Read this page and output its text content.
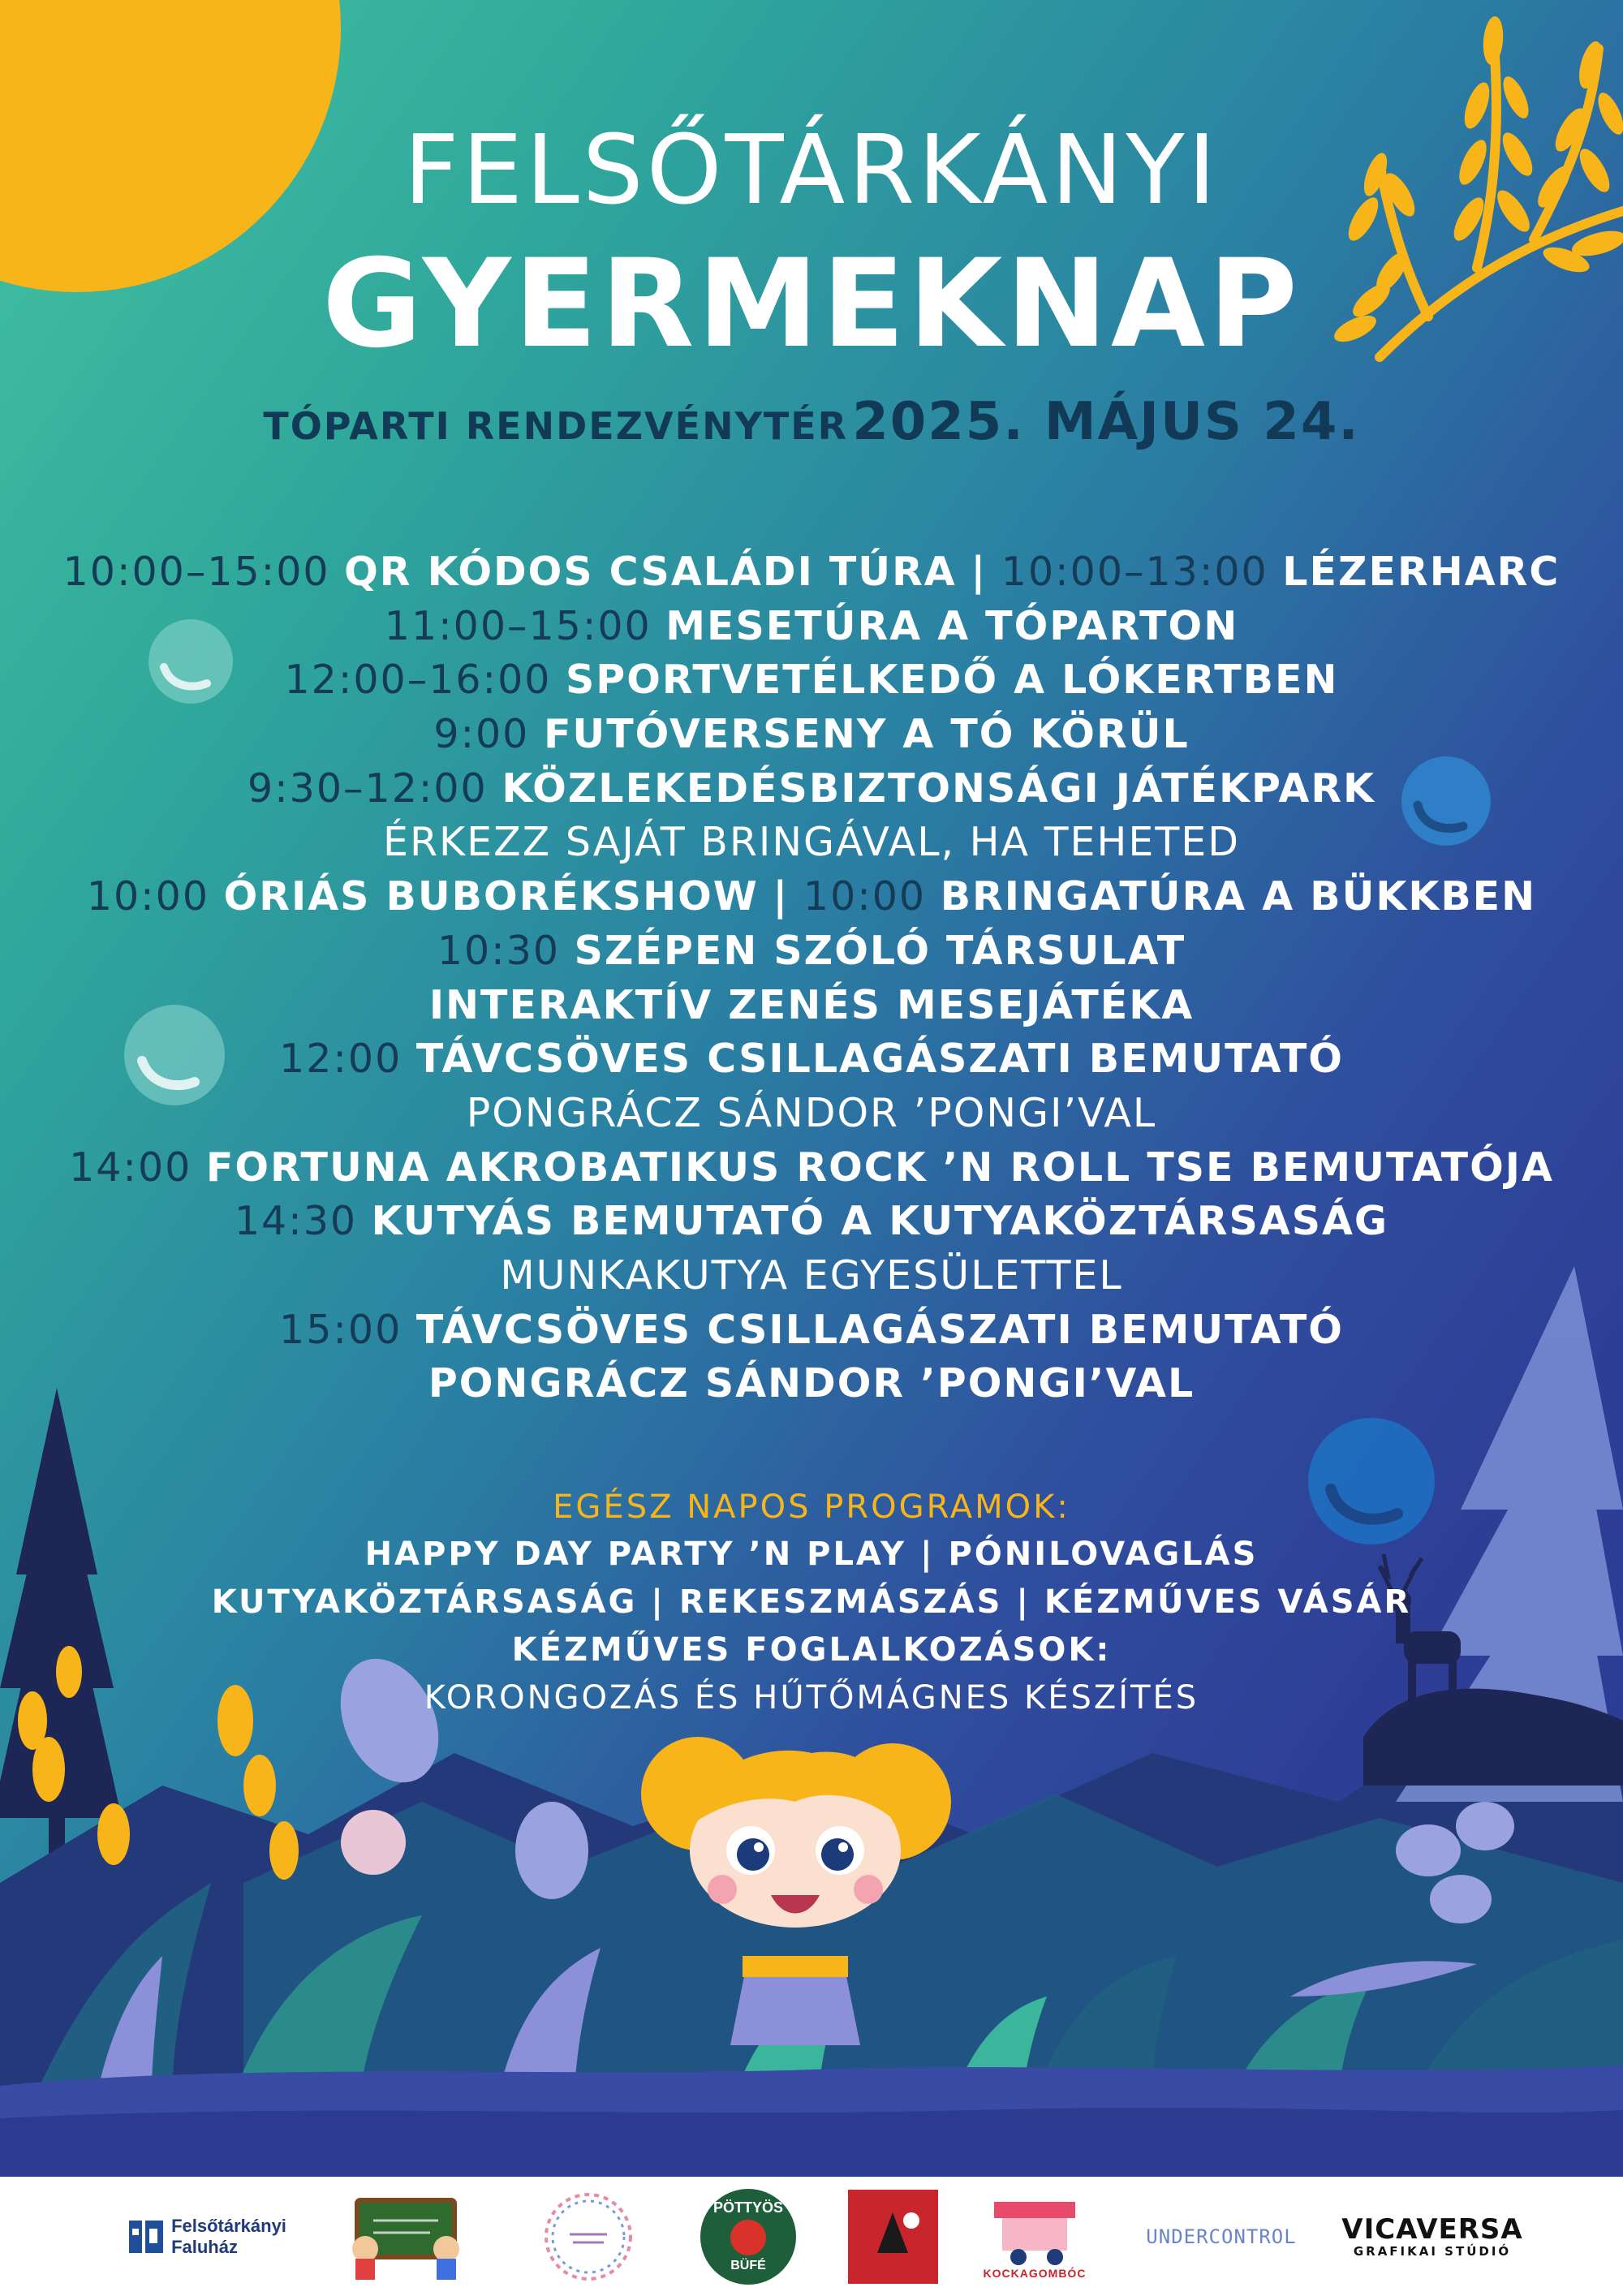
FELSŐTÁRKÁNYI
GYERMEKNAP
TÓPARTI RENDEZVÉNYTÉR 2025. MÁJUS 24.
10:00–15:00 QR KÓDOS CSALÁDI TÚRA | 10:00–13:00 LÉZERHARC
11:00–15:00 MESETÚRA A TÓPARTON
12:00–16:00 SPORTVETÉLKEDŐ A LÓKERTBEN
9:00 FUTÓVERSENY A TÓ KÖRÜL
9:30–12:00 KÖZLEKEDÉSBIZTONSÁGI JÁTÉKPARK
ÉRKEZZ SAJÁT BRINGÁVAL, HA TEHETED
10:00 ÓRIÁS BUBORÉKSHOW | 10:00 BRINGATÚRA A BÜKKBEN
10:30 SZÉPEN SZÓLÓ TÁRSULAT
INTERAKTÍV ZENÉS MESEJÁTÉKA
12:00 TÁVCSÖVES CSILLAGÁSZATI BEMUTATÓ
PONGRÁCZ SÁNDOR ’PONGI’VAL
14:00 FORTUNA AKROBATIKUS ROCK ’N ROLL TSE BEMUTATÓJA
14:30 KUTYÁS BEMUTATÓ A KUTYAKÖZTÁRSASÁG
MUNKAKUTYA EGYESÜLETTEL
15:00 TÁVCSÖVES CSILLAGÁSZATI BEMUTATÓ
PONGRÁCZ SÁNDOR ’PONGI’VAL
EGÉSZ NAPOS PROGRAMOK:
HAPPY DAY PARTY ’N PLAY | PÓNILOVAGLÁS
KUTYAKÖZTÁRSASÁG | REKESZMÁSZÁS | KÉZMŰVES VÁSÁR
KÉZMŰVES FOGLALKOZÁSOK:
KORONGOZÁS ÉS HŰTŐMÁGNES KÉSZÍTÉS
Felsőtárkányi
Faluház
PÖTTYÖS
BÜFÉ
KOCKAGOMBÓC
UNDERCONTROL VICAVERSA
GRAFIKAI STÚDIÓ
